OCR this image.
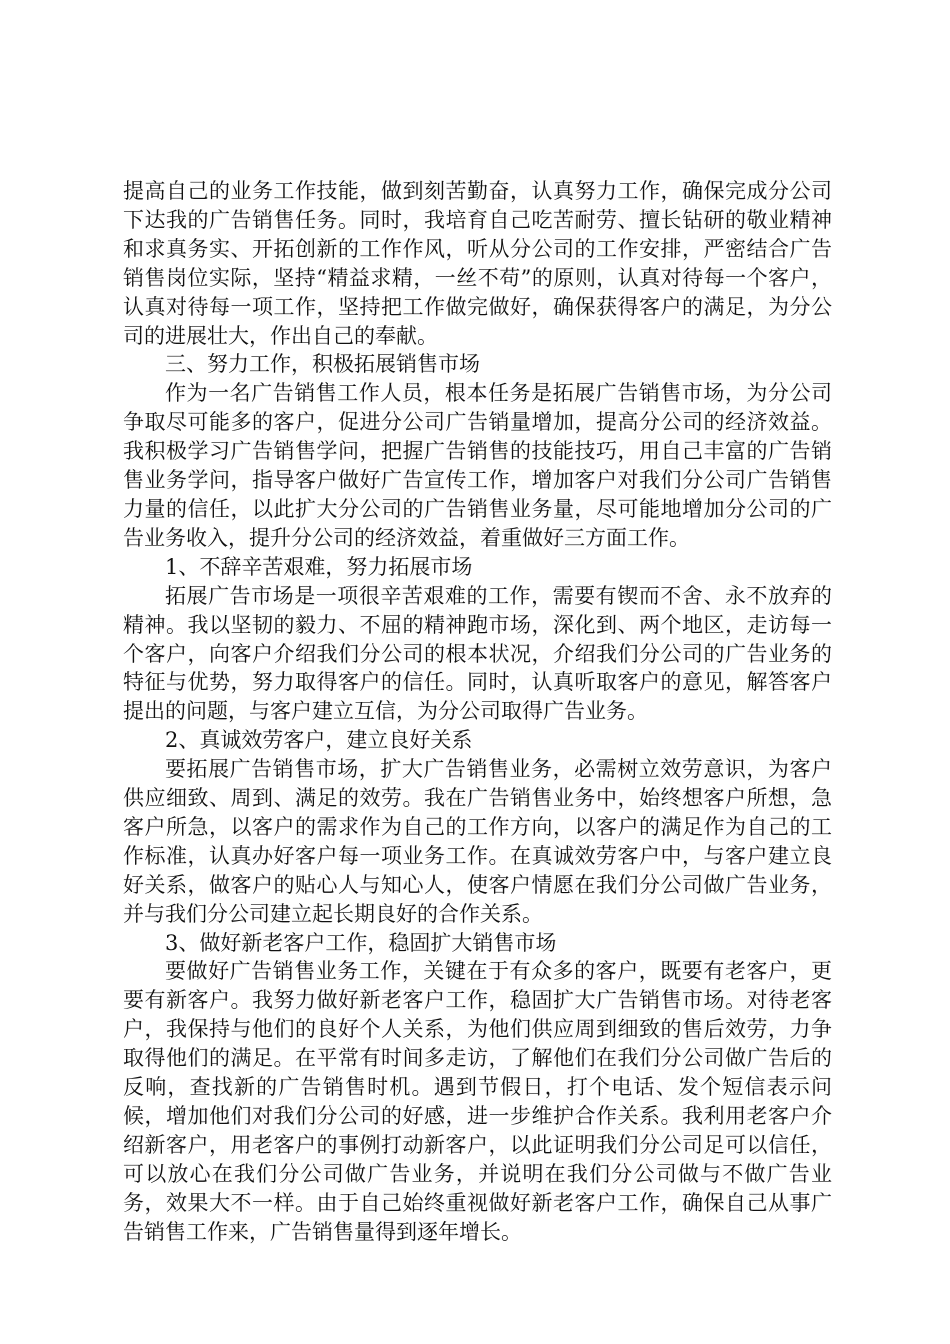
提高自己的业务工作技能，做到刻苦勤奋，认真努力工作，确保完成分公司下达我的广告销售任务。同时，我培育自己吃苦耐劳、擅长钻研的敬业精神和求真务实、开拓创新的工作作风，听从分公司的工作安排，严密结合广告销售岗位实际，坚持“精益求精，一丝不苟”的原则，认真对待每一个客户，认真对待每一项工作，坚持把工作做完做好，确保获得客户的满足，为分公司的进展壮大，作出自己的奉献。

三、努力工作，积极拓展销售市场

作为一名广告销售工作人员，根本任务是拓展广告销售市场，为分公司争取尽可能多的客户，促进分公司广告销量增加，提高分公司的经济效益。我积极学习广告销售学问，把握广告销售的技能技巧，用自己丰富的广告销售业务学问，指导客户做好广告宣传工作，增加客户对我们分公司广告销售力量的信任，以此扩大分公司的广告销售业务量，尽可能地增加分公司的广告业务收入，提升分公司的经济效益，着重做好三方面工作。

1、不辞辛苦艰难，努力拓展市场

拓展广告市场是一项很辛苦艰难的工作，需要有锲而不舍、永不放弃的精神。我以坚韧的毅力、不屈的精神跑市场，深化到、两个地区，走访每一个客户，向客户介绍我们分公司的根本状况，介绍我们分公司的广告业务的特征与优势，努力取得客户的信任。同时，认真听取客户的意见，解答客户提出的问题，与客户建立互信，为分公司取得广告业务。

2、真诚效劳客户，建立良好关系

要拓展广告销售市场，扩大广告销售业务，必需树立效劳意识，为客户供应细致、周到、满足的效劳。我在广告销售业务中，始终想客户所想，急客户所急，以客户的需求作为自己的工作方向，以客户的满足作为自己的工作标准，认真办好客户每一项业务工作。在真诚效劳客户中，与客户建立良好关系，做客户的贴心人与知心人，使客户情愿在我们分公司做广告业务，并与我们分公司建立起长期良好的合作关系。

3、做好新老客户工作，稳固扩大销售市场

要做好广告销售业务工作，关键在于有众多的客户，既要有老客户，更要有新客户。我努力做好新老客户工作，稳固扩大广告销售市场。对待老客户，我保持与他们的良好个人关系，为他们供应周到细致的售后效劳，力争取得他们的满足。在平常有时间多走访，了解他们在我们分公司做广告后的反响，查找新的广告销售时机。遇到节假日，打个电话、发个短信表示问候，增加他们对我们分公司的好感，进一步维护合作关系。我利用老客户介绍新客户，用老客户的事例打动新客户，以此证明我们分公司足可以信任，可以放心在我们分公司做广告业务，并说明在我们分公司做与不做广告业务，效果大不一样。由于自己始终重视做好新老客户工作，确保自己从事广告销售工作来，广告销售量得到逐年增长。
